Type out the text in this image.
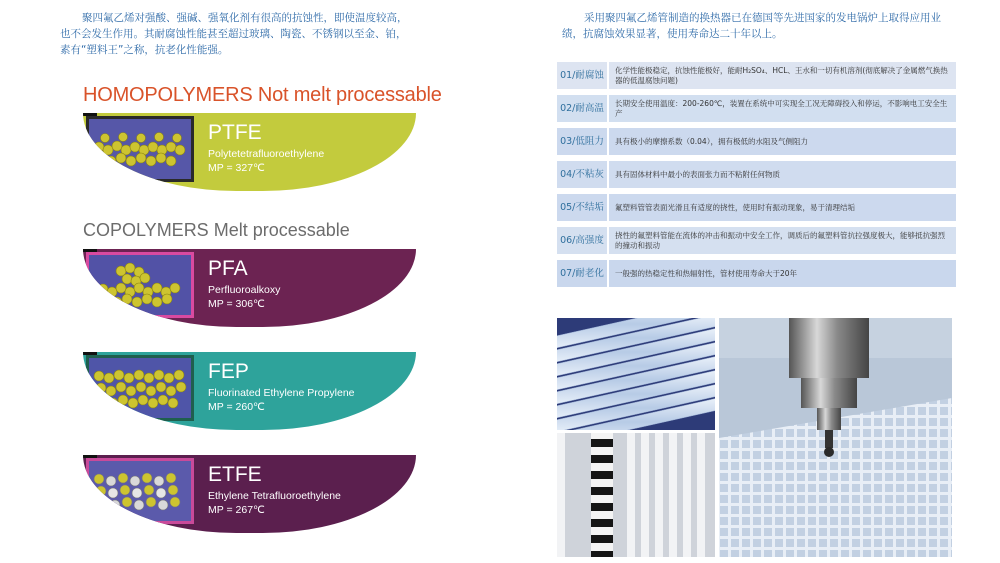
聚四氟乙烯对强酸、强碱、强氧化剂有很高的抗蚀性，即使温度较高，也不会发生作用。其耐腐蚀性能甚至超过玻璃、陶瓷、不锈钢以至金、铂，素有“塑料王”之称，抗老化性能强。
HOMOPOLYMERS Not melt processable
COPOLYMERS Melt processable
PTFE
Polytetetrafluoroethylene
MP = 327℃
PFA
Perfluoroalkoxy
MP = 306℃
FEP
Fluorinated Ethylene Propylene
MP = 260℃
ETFE
Ethylene Tetrafluoroethylene
MP = 267℃
采用聚四氟乙烯管制造的换热器已在德国等先进国家的发电锅炉上取得应用业绩，抗腐蚀效果显著，使用寿命达二十年以上。
01/耐腐蚀	化学性能极稳定，抗蚀性能极好，能耐H₂SO₄、HCL、王水和一切有机溶剂(彻底解决了金属燃气换热器的低温腐蚀问题)
02/耐高温	长期安全使用温度：200-260℃，装置在系统中可实现全工况无障碍投入和停运，不影响电工安全生产
03/低阻力	具有极小的摩擦系数（0.04），拥有极低的水阻及气侧阻力
04/不粘灰	具有固体材料中最小的表面张力而不粘附任何物质
05/不结垢	氟塑料管管表面光滑且有适度的挠性，使用时有振动现象，易于清理结垢
06/高强度	挠性的氟塑料管能在流体的冲击和振动中安全工作，调质后的氟塑料管抗拉强度极大，能够抵抗强烈的撞动和振动
07/耐老化	一般强的热稳定性和热辐射性，管材使用寿命大于20年
